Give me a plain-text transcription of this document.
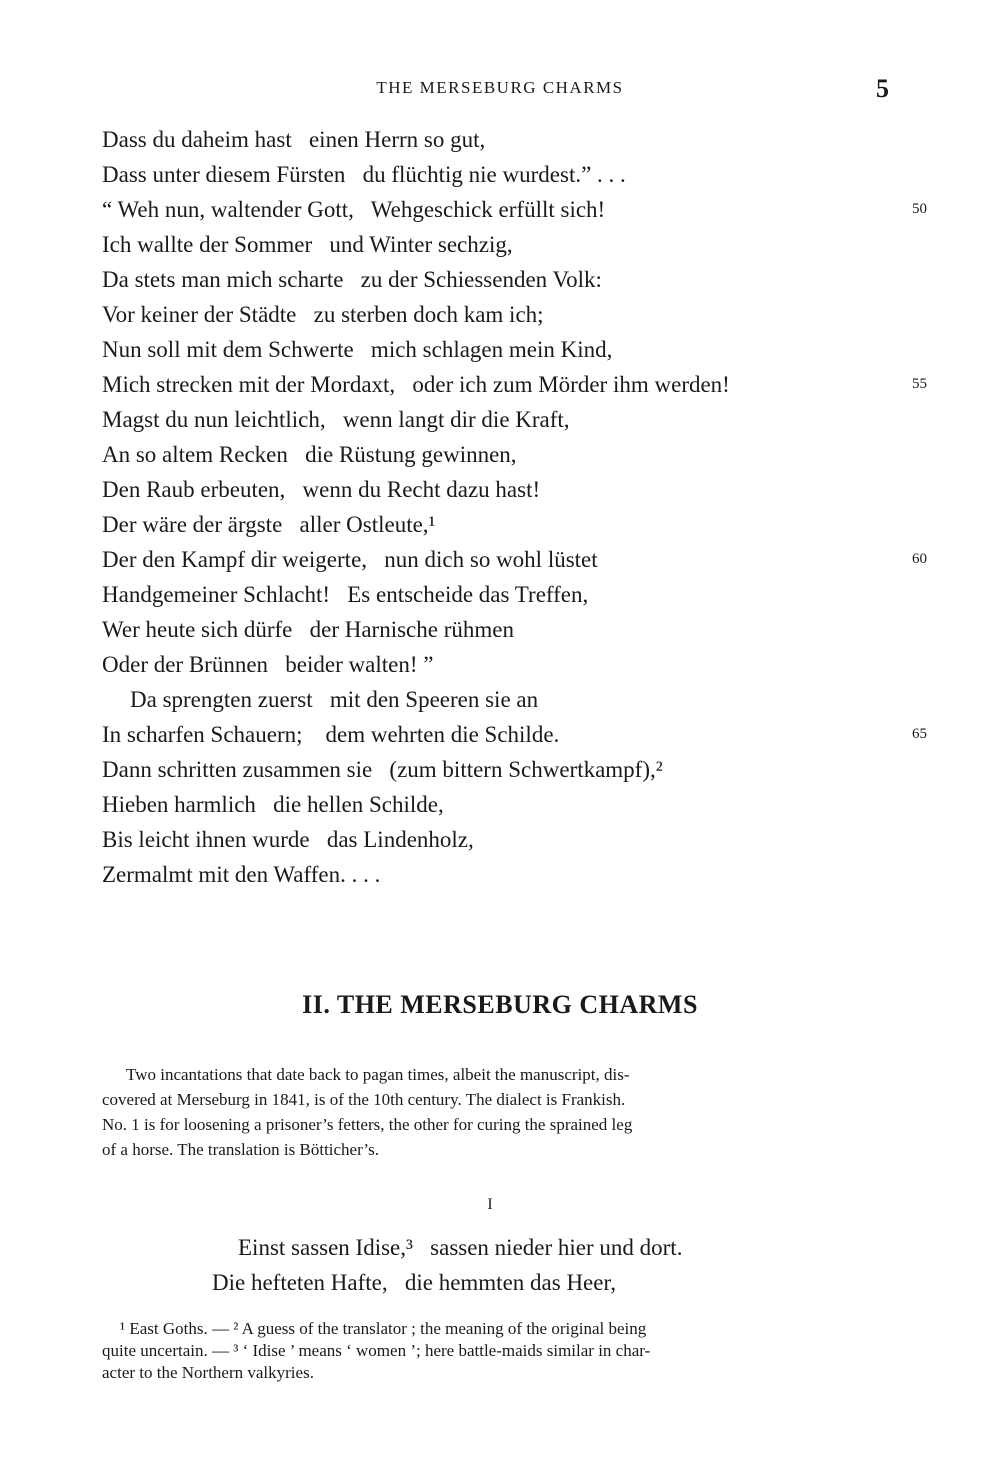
THE MERSEBURG CHARMS	5
Dass du daheim hast   einen Herrn so gut,
Dass unter diesem Fürsten   du flüchtig nie wurdest.” . . .
“ Weh nun, waltender Gott,   Wehgeschick erfüllt sich!
Ich wallte der Sommer   und Winter sechzig,
Da stets man mich scharte   zu der Schiessenden Volk:
Vor keiner der Städte   zu sterben doch kam ich;
Nun soll mit dem Schwerte   mich schlagen mein Kind,
Mich strecken mit der Mordaxt,   oder ich zum Mörder ihm werden!
Magst du nun leichtlich,   wenn langt dir die Kraft,
An so altem Recken   die Rüstung gewinnen,
Den Raub erbeuten,   wenn du Recht dazu hast!
Der wäre der ärgste   aller Ostleute,¹
Der den Kampf dir weigerte,   nun dich so wohl lüstet
Handgemeiner Schlacht!   Es entscheide das Treffen,
Wer heute sich dürfe   der Harnische rühmen
Oder der Brünnen   beider walten! ”
Da sprengten zuerst   mit den Speeren sie an
In scharfen Schauern;    dem wehrten die Schilde.
Dann schritten zusammen sie   (zum bittern Schwertkampf),²
Hieben harmlich   die hellen Schilde,
Bis leicht ihnen wurde   das Lindenholz,
Zermalmt mit den Waffen. . . .
50
55
60
65
II. THE MERSEBURG CHARMS

Two incantations that date back to pagan times, albeit the manuscript, dis-

covered at Merseburg in 1841, is of the 10th century. The dialect is Frankish.

No. 1 is for loosening a prisoner’s fetters, the other for curing the sprained leg

of a horse. The translation is Bötticher’s.

I
Einst sassen Idise,³   sassen nieder hier und dort.
Die hefteten Hafte,   die hemmten das Heer,

¹ East Goths. — ² A guess of the translator ; the meaning of the original being

quite uncertain. — ³ ‘ Idise ’ means ‘ women ’; here battle-maids similar in char-

acter to the Northern valkyries.
